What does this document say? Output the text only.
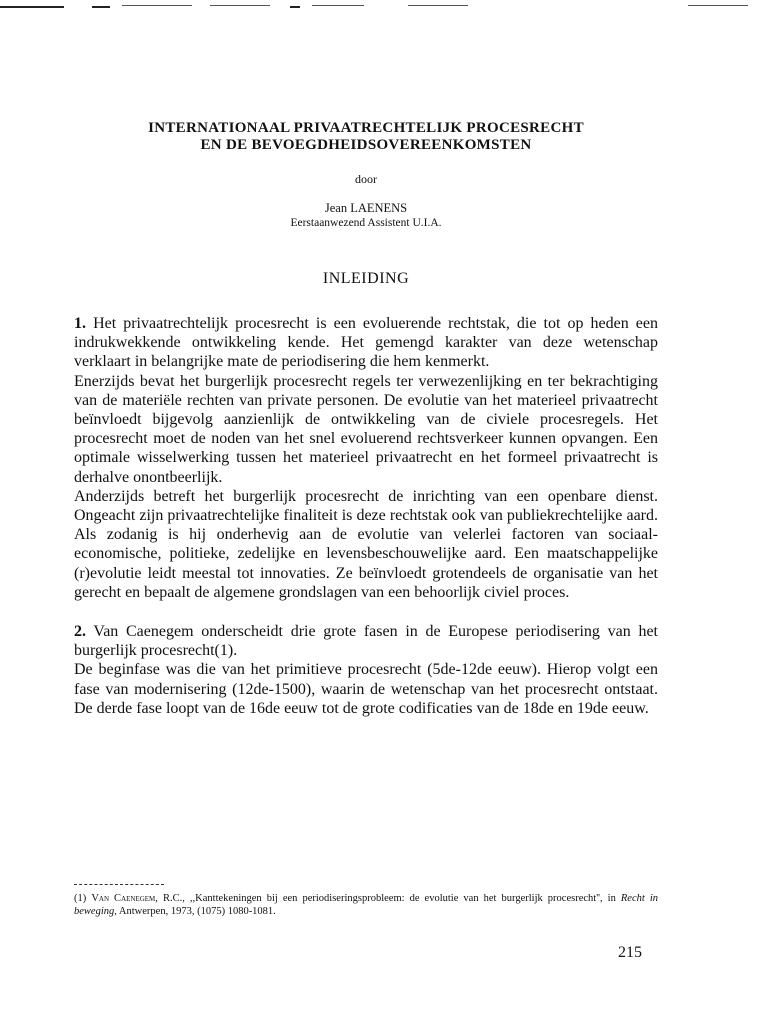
INTERNATIONAAL PRIVAATRECHTELIJK PROCESRECHT
EN DE BEVOEGDHEIDSOVEREENKOMSTEN
door
Jean LAENENS
Eerstaanwezend Assistent U.I.A.
INLEIDING

1. Het privaatrechtelijk procesrecht is een evoluerende rechtstak, die tot op heden een indrukwekkende ontwikkeling kende. Het gemengd karakter van deze wetenschap verklaart in belangrijke mate de periodisering die hem kenmerkt.

Enerzijds bevat het burgerlijk procesrecht regels ter verwezenlijking en ter bekrachtiging van de materiële rechten van private personen. De evolutie van het materieel privaatrecht beïnvloedt bijgevolg aanzienlijk de ontwikkeling van de civiele procesregels. Het procesrecht moet de noden van het snel evoluerend rechtsverkeer kunnen opvangen. Een optimale wisselwerking tussen het materieel privaatrecht en het formeel privaatrecht is derhalve onontbeerlijk.

Anderzijds betreft het burgerlijk procesrecht de inrichting van een openbare dienst. Ongeacht zijn privaatrechtelijke finaliteit is deze rechtstak ook van publiekrechtelijke aard. Als zodanig is hij onderhevig aan de evolutie van velerlei factoren van sociaal-economische, politieke, zedelijke en levensbeschouwelijke aard. Een maatschappelijke (r)evolutie leidt meestal tot innovaties. Ze beïnvloedt grotendeels de organisatie van het gerecht en bepaalt de algemene grondslagen van een behoorlijk civiel proces.

2. Van Caenegem onderscheidt drie grote fasen in de Europese periodisering van het burgerlijk procesrecht(1).

De beginfase was die van het primitieve procesrecht (5de-12de eeuw). Hierop volgt een fase van modernisering (12de-1500), waarin de wetenschap van het procesrecht ontstaat. De derde fase loopt van de 16de eeuw tot de grote codificaties van de 18de en 19de eeuw.

(1) Van Caenegem, R.C., ,,Kanttekeningen bij een periodiseringsprobleem: de evolutie van het burgerlijk procesrecht'', in Recht in beweging, Antwerpen, 1973, (1075) 1080-1081.
215
